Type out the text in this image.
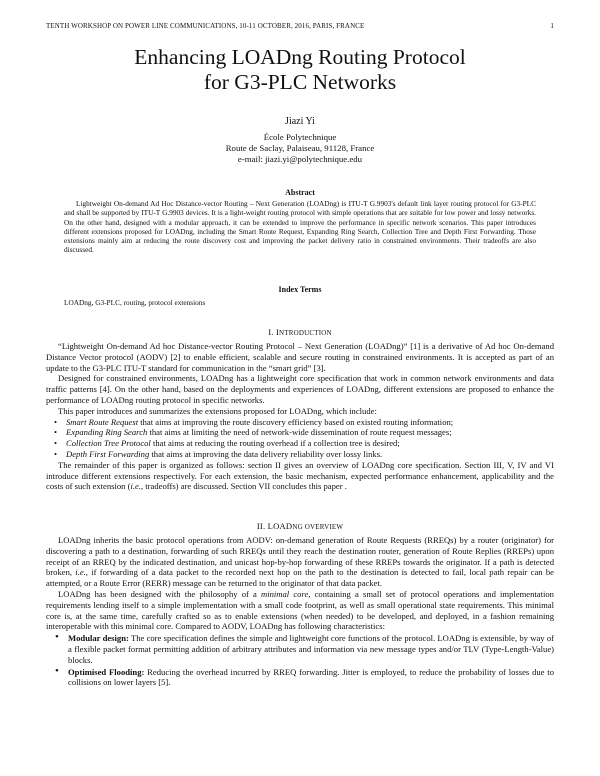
TENTH WORKSHOP ON POWER LINE COMMUNICATIONS, 10-11 OCTOBER, 2016, PARIS, FRANCE	1
Enhancing LOADng Routing Protocol
for G3-PLC Networks
Jiazi Yi
École Polytechnique
Route de Saclay, Palaiseau, 91128, France
e-mail: jiazi.yi@polytechnique.edu
Abstract
Lightweight On-demand Ad Hoc Distance-vector Routing – Next Generation (LOADng) is ITU-T G.9903's default link layer routing protocol for G3-PLC and shall be supported by ITU-T G.9903 devices. It is a light-weight routing protocol with simple operations that are suitable for low power and lossy networks. On the other hand, designed with a modular approach, it can be extended to improve the performance in specific network scenarios. This paper introduces different extensions proposed for LOADng, including the Smart Route Request, Expanding Ring Search, Collection Tree and Depth First Forwarding. Those extensions mainly aim at reducing the route discovery cost and improving the packet delivery ratio in constrained environments. Their tradeoffs are also discussed.
Index Terms
LOADng, G3-PLC, routing, protocol extensions
I. INTRODUCTION

“Lightweight On-demand Ad hoc Distance-vector Routing Protocol – Next Generation (LOADng)” [1] is a derivative of Ad hoc On-demand Distance Vector protocol (AODV) [2] to enable efficient, scalable and secure routing in constrained environments. It is accepted as part of an update to the G3-PLC ITU-T standard for communication in the “smart grid” [3].

Designed for constrained environments, LOADng has a lightweight core specification that work in common network environments and data traffic patterns [4]. On the other hand, based on the deployments and experiences of LOADng, different extensions are proposed to enhance the performance of LOADng routing protocol in specific networks.

This paper introduces and summarizes the extensions proposed for LOADng, which include:

• Smart Route Request that aims at improving the route discovery efficiency based on existed routing information;
• Expanding Ring Search that aims at limiting the need of network-wide dissemination of route request messages;
• Collection Tree Protocol that aims at reducing the routing overhead if a collection tree is desired;
• Depth First Forwarding that aims at improving the data delivery reliability over lossy links.

The remainder of this paper is organized as follows: section II gives an overview of LOADng core specification. Section III, V, IV and VI introduce different extensions respectively. For each extension, the basic mechanism, expected performance enhancement, applicability and the costs of such extension (i.e., tradeoffs) are discussed. Section VII concludes this paper .

II. LOADNG OVERVIEW

LOADng inherits the basic protocol operations from AODV: on-demand generation of Route Requests (RREQs) by a router (originator) for discovering a path to a destination, forwarding of such RREQs until they reach the destination router, generation of Route Replies (RREPs) upon receipt of an RREQ by the indicated destination, and unicast hop-by-hop forwarding of these RREPs towards the originator. If a path is detected broken, i.e., if forwarding of a data packet to the recorded next hop on the path to the destination is detected to fail, local path repair can be attempted, or a Route Error (RERR) message can be returned to the originator of that data packet.

LOADng has been designed with the philosophy of a minimal core, containing a small set of protocol operations and implementation requirements lending itself to a simple implementation with a small code footprint, as well as small operational state requirements. This minimal core is, at the same time, carefully crafted so as to enable extensions (when needed) to be developed, and deployed, in a fashion remaining interoperable with this minimal core. Compared to AODV, LOADng has following characteristics:

• Modular design: The core specification defines the simple and lightweight core functions of the protocol. LOADng is extensible, by way of a flexible packet format permitting addition of arbitrary attributes and information via new message types and/or TLV (Type-Length-Value) blocks.
• Optimised Flooding: Reducing the overhead incurred by RREQ forwarding. Jitter is employed, to reduce the probability of losses due to collisions on lower layers [5].
